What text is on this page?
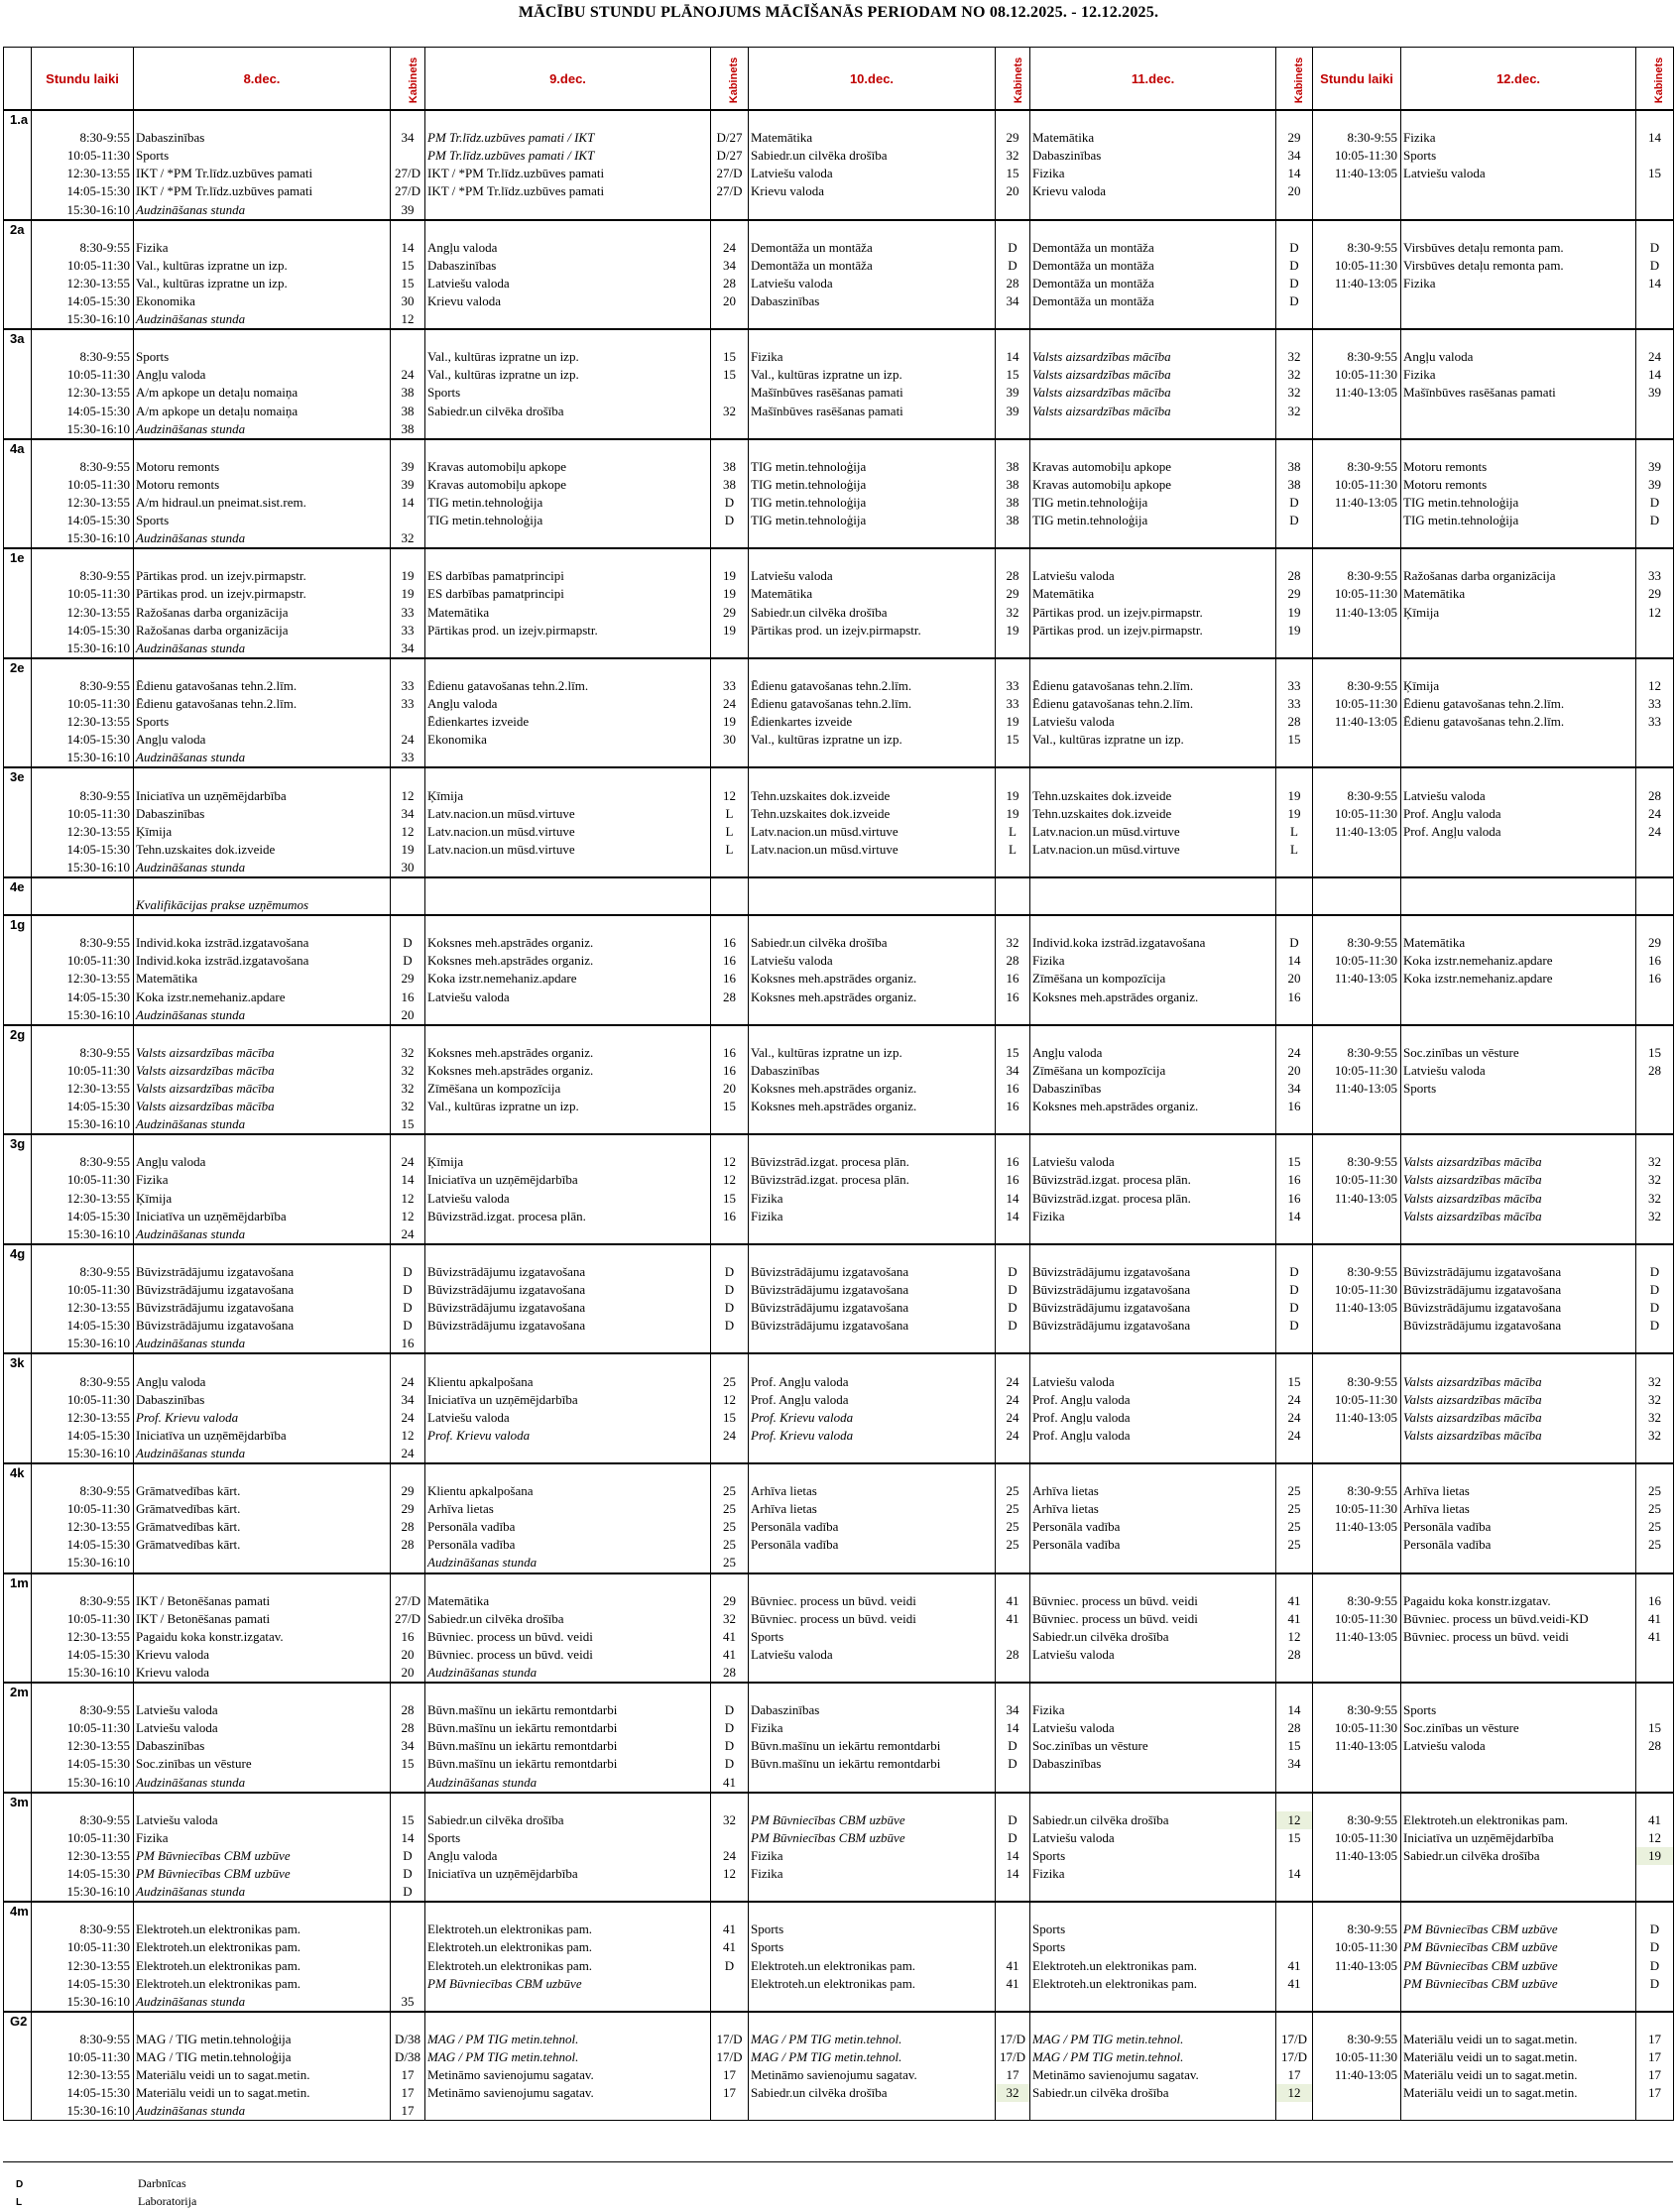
MĀCĪBU STUNDU PLĀNOJUMS MĀCĪŠANĀS PERIODAM NO 08.12.2025. - 12.12.2025.
	Stundu laiki	8.dec.	Kabinets	9.dec.	Kabinets	10.dec.	Kabinets	11.dec.	Kabinets	Stundu laiki	12.dec.	Kabinets
1.a												
	8:30-9:55	Dabaszinības	34	PM Tr.līdz.uzbūves pamati / IKT	D/27	Matemātika	29	Matemātika	29	8:30-9:55	Fizika	14
	10:05-11:30	Sports		PM Tr.līdz.uzbūves pamati / IKT	D/27	Sabiedr.un cilvēka drošība	32	Dabaszinības	34	10:05-11:30	Sports	
	12:30-13:55	IKT / *PM Tr.līdz.uzbūves pamati	27/D	IKT / *PM Tr.līdz.uzbūves pamati	27/D	Latviešu valoda	15	Fizika	14	11:40-13:05	Latviešu valoda	15
	14:05-15:30	IKT / *PM Tr.līdz.uzbūves pamati	27/D	IKT / *PM Tr.līdz.uzbūves pamati	27/D	Krievu valoda	20	Krievu valoda	20			
	15:30-16:10	Audzināšanas stunda	39									
2a												
	8:30-9:55	Fizika	14	Angļu valoda	24	Demontāža un montāža	D	Demontāža un montāža	D	8:30-9:55	Virsbūves detaļu remonta pam.	D
	10:05-11:30	Val., kultūras izpratne un izp.	15	Dabaszinības	34	Demontāža un montāža	D	Demontāža un montāža	D	10:05-11:30	Virsbūves detaļu remonta pam.	D
	12:30-13:55	Val., kultūras izpratne un izp.	15	Latviešu valoda	28	Latviešu valoda	28	Demontāža un montāža	D	11:40-13:05	Fizika	14
	14:05-15:30	Ekonomika	30	Krievu valoda	20	Dabaszinības	34	Demontāža un montāža	D			
	15:30-16:10	Audzināšanas stunda	12									
3a												
	8:30-9:55	Sports		Val., kultūras izpratne un izp.	15	Fizika	14	Valsts aizsardzības mācība	32	8:30-9:55	Angļu valoda	24
	10:05-11:30	Angļu valoda	24	Val., kultūras izpratne un izp.	15	Val., kultūras izpratne un izp.	15	Valsts aizsardzības mācība	32	10:05-11:30	Fizika	14
	12:30-13:55	A/m apkope un detaļu nomaiņa	38	Sports		Mašīnbūves rasēšanas pamati	39	Valsts aizsardzības mācība	32	11:40-13:05	Mašīnbūves rasēšanas pamati	39
	14:05-15:30	A/m apkope un detaļu nomaiņa	38	Sabiedr.un cilvēka drošība	32	Mašīnbūves rasēšanas pamati	39	Valsts aizsardzības mācība	32			
	15:30-16:10	Audzināšanas stunda	38									
4a												
	8:30-9:55	Motoru remonts	39	Kravas automobiļu apkope	38	TIG metin.tehnoloģija	38	Kravas automobiļu apkope	38	8:30-9:55	Motoru remonts	39
	10:05-11:30	Motoru remonts	39	Kravas automobiļu apkope	38	TIG metin.tehnoloģija	38	Kravas automobiļu apkope	38	10:05-11:30	Motoru remonts	39
	12:30-13:55	A/m hidraul.un pneimat.sist.rem.	14	TIG metin.tehnoloģija	D	TIG metin.tehnoloģija	38	TIG metin.tehnoloģija	D	11:40-13:05	TIG metin.tehnoloģija	D
	14:05-15:30	Sports		TIG metin.tehnoloģija	D	TIG metin.tehnoloģija	38	TIG metin.tehnoloģija	D		TIG metin.tehnoloģija	D
	15:30-16:10	Audzināšanas stunda	32									
1e												
	8:30-9:55	Pārtikas prod. un izejv.pirmapstr.	19	ES darbības pamatprincipi	19	Latviešu valoda	28	Latviešu valoda	28	8:30-9:55	Ražošanas darba organizācija	33
	10:05-11:30	Pārtikas prod. un izejv.pirmapstr.	19	ES darbības pamatprincipi	19	Matemātika	29	Matemātika	29	10:05-11:30	Matemātika	29
	12:30-13:55	Ražošanas darba organizācija	33	Matemātika	29	Sabiedr.un cilvēka drošība	32	Pārtikas prod. un izejv.pirmapstr.	19	11:40-13:05	Ķīmija	12
	14:05-15:30	Ražošanas darba organizācija	33	Pārtikas prod. un izejv.pirmapstr.	19	Pārtikas prod. un izejv.pirmapstr.	19	Pārtikas prod. un izejv.pirmapstr.	19			
	15:30-16:10	Audzināšanas stunda	34									
2e												
	8:30-9:55	Ēdienu gatavošanas tehn.2.līm.	33	Ēdienu gatavošanas tehn.2.līm.	33	Ēdienu gatavošanas tehn.2.līm.	33	Ēdienu gatavošanas tehn.2.līm.	33	8:30-9:55	Ķīmija	12
	10:05-11:30	Ēdienu gatavošanas tehn.2.līm.	33	Angļu valoda	24	Ēdienu gatavošanas tehn.2.līm.	33	Ēdienu gatavošanas tehn.2.līm.	33	10:05-11:30	Ēdienu gatavošanas tehn.2.līm.	33
	12:30-13:55	Sports		Ēdienkartes izveide	19	Ēdienkartes izveide	19	Latviešu valoda	28	11:40-13:05	Ēdienu gatavošanas tehn.2.līm.	33
	14:05-15:30	Angļu valoda	24	Ekonomika	30	Val., kultūras izpratne un izp.	15	Val., kultūras izpratne un izp.	15			
	15:30-16:10	Audzināšanas stunda	33									
3e												
	8:30-9:55	Iniciatīva un uzņēmējdarbība	12	Ķīmija	12	Tehn.uzskaites dok.izveide	19	Tehn.uzskaites dok.izveide	19	8:30-9:55	Latviešu valoda	28
	10:05-11:30	Dabaszinības	34	Latv.nacion.un mūsd.virtuve	L	Tehn.uzskaites dok.izveide	19	Tehn.uzskaites dok.izveide	19	10:05-11:30	Prof. Angļu valoda	24
	12:30-13:55	Ķīmija	12	Latv.nacion.un mūsd.virtuve	L	Latv.nacion.un mūsd.virtuve	L	Latv.nacion.un mūsd.virtuve	L	11:40-13:05	Prof. Angļu valoda	24
	14:05-15:30	Tehn.uzskaites dok.izveide	19	Latv.nacion.un mūsd.virtuve	L	Latv.nacion.un mūsd.virtuve	L	Latv.nacion.un mūsd.virtuve	L			
	15:30-16:10	Audzināšanas stunda	30									
4e												
		Kvalifikācijas prakse uzņēmumos										
1g												
	8:30-9:55	Individ.koka izstrād.izgatavošana	D	Koksnes meh.apstrādes organiz.	16	Sabiedr.un cilvēka drošība	32	Individ.koka izstrād.izgatavošana	D	8:30-9:55	Matemātika	29
	10:05-11:30	Individ.koka izstrād.izgatavošana	D	Koksnes meh.apstrādes organiz.	16	Latviešu valoda	28	Fizika	14	10:05-11:30	Koka izstr.nemehaniz.apdare	16
	12:30-13:55	Matemātika	29	Koka izstr.nemehaniz.apdare	16	Koksnes meh.apstrādes organiz.	16	Zīmēšana un kompozīcija	20	11:40-13:05	Koka izstr.nemehaniz.apdare	16
	14:05-15:30	Koka izstr.nemehaniz.apdare	16	Latviešu valoda	28	Koksnes meh.apstrādes organiz.	16	Koksnes meh.apstrādes organiz.	16			
	15:30-16:10	Audzināšanas stunda	20									
2g												
	8:30-9:55	Valsts aizsardzības mācība	32	Koksnes meh.apstrādes organiz.	16	Val., kultūras izpratne un izp.	15	Angļu valoda	24	8:30-9:55	Soc.zinības un vēsture	15
	10:05-11:30	Valsts aizsardzības mācība	32	Koksnes meh.apstrādes organiz.	16	Dabaszinības	34	Zīmēšana un kompozīcija	20	10:05-11:30	Latviešu valoda	28
	12:30-13:55	Valsts aizsardzības mācība	32	Zīmēšana un kompozīcija	20	Koksnes meh.apstrādes organiz.	16	Dabaszinības	34	11:40-13:05	Sports	
	14:05-15:30	Valsts aizsardzības mācība	32	Val., kultūras izpratne un izp.	15	Koksnes meh.apstrādes organiz.	16	Koksnes meh.apstrādes organiz.	16			
	15:30-16:10	Audzināšanas stunda	15									
3g												
	8:30-9:55	Angļu valoda	24	Ķīmija	12	Būvizstrād.izgat. procesa plān.	16	Latviešu valoda	15	8:30-9:55	Valsts aizsardzības mācība	32
	10:05-11:30	Fizika	14	Iniciatīva un uzņēmējdarbība	12	Būvizstrād.izgat. procesa plān.	16	Būvizstrād.izgat. procesa plān.	16	10:05-11:30	Valsts aizsardzības mācība	32
	12:30-13:55	Ķīmija	12	Latviešu valoda	15	Fizika	14	Būvizstrād.izgat. procesa plān.	16	11:40-13:05	Valsts aizsardzības mācība	32
	14:05-15:30	Iniciatīva un uzņēmējdarbība	12	Būvizstrād.izgat. procesa plān.	16	Fizika	14	Fizika	14		Valsts aizsardzības mācība	32
	15:30-16:10	Audzināšanas stunda	24									
4g												
	8:30-9:55	Būvizstrādājumu izgatavošana	D	Būvizstrādājumu izgatavošana	D	Būvizstrādājumu izgatavošana	D	Būvizstrādājumu izgatavošana	D	8:30-9:55	Būvizstrādājumu izgatavošana	D
	10:05-11:30	Būvizstrādājumu izgatavošana	D	Būvizstrādājumu izgatavošana	D	Būvizstrādājumu izgatavošana	D	Būvizstrādājumu izgatavošana	D	10:05-11:30	Būvizstrādājumu izgatavošana	D
	12:30-13:55	Būvizstrādājumu izgatavošana	D	Būvizstrādājumu izgatavošana	D	Būvizstrādājumu izgatavošana	D	Būvizstrādājumu izgatavošana	D	11:40-13:05	Būvizstrādājumu izgatavošana	D
	14:05-15:30	Būvizstrādājumu izgatavošana	D	Būvizstrādājumu izgatavošana	D	Būvizstrādājumu izgatavošana	D	Būvizstrādājumu izgatavošana	D		Būvizstrādājumu izgatavošana	D
	15:30-16:10	Audzināšanas stunda	16									
3k												
	8:30-9:55	Angļu valoda	24	Klientu apkalpošana	25	Prof. Angļu valoda	24	Latviešu valoda	15	8:30-9:55	Valsts aizsardzības mācība	32
	10:05-11:30	Dabaszinības	34	Iniciatīva un uzņēmējdarbība	12	Prof. Angļu valoda	24	Prof. Angļu valoda	24	10:05-11:30	Valsts aizsardzības mācība	32
	12:30-13:55	Prof. Krievu valoda	24	Latviešu valoda	15	Prof. Krievu valoda	24	Prof. Angļu valoda	24	11:40-13:05	Valsts aizsardzības mācība	32
	14:05-15:30	Iniciatīva un uzņēmējdarbība	12	Prof. Krievu valoda	24	Prof. Krievu valoda	24	Prof. Angļu valoda	24		Valsts aizsardzības mācība	32
	15:30-16:10	Audzināšanas stunda	24									
4k												
	8:30-9:55	Grāmatvedības kārt.	29	Klientu apkalpošana	25	Arhīva lietas	25	Arhīva lietas	25	8:30-9:55	Arhīva lietas	25
	10:05-11:30	Grāmatvedības kārt.	29	Arhīva lietas	25	Arhīva lietas	25	Arhīva lietas	25	10:05-11:30	Arhīva lietas	25
	12:30-13:55	Grāmatvedības kārt.	28	Personāla vadība	25	Personāla vadība	25	Personāla vadība	25	11:40-13:05	Personāla vadība	25
	14:05-15:30	Grāmatvedības kārt.	28	Personāla vadība	25	Personāla vadība	25	Personāla vadība	25		Personāla vadība	25
	15:30-16:10			Audzināšanas stunda	25							
1m												
	8:30-9:55	IKT / Betonēšanas pamati	27/D	Matemātika	29	Būvniec. process un būvd. veidi	41	Būvniec. process un būvd. veidi	41	8:30-9:55	Pagaidu koka konstr.izgatav.	16
	10:05-11:30	IKT / Betonēšanas pamati	27/D	Sabiedr.un cilvēka drošība	32	Būvniec. process un būvd. veidi	41	Būvniec. process un būvd. veidi	41	10:05-11:30	Būvniec. process un būvd.veidi-KD	41
	12:30-13:55	Pagaidu koka konstr.izgatav.	16	Būvniec. process un būvd. veidi	41	Sports		Sabiedr.un cilvēka drošība	12	11:40-13:05	Būvniec. process un būvd. veidi	41
	14:05-15:30	Krievu valoda	20	Būvniec. process un būvd. veidi	41	Latviešu valoda	28	Latviešu valoda	28			
	15:30-16:10	Krievu valoda	20	Audzināšanas stunda	28							
2m												
	8:30-9:55	Latviešu valoda	28	Būvn.mašīnu un iekārtu remontdarbi	D	Dabaszinības	34	Fizika	14	8:30-9:55	Sports	
	10:05-11:30	Latviešu valoda	28	Būvn.mašīnu un iekārtu remontdarbi	D	Fizika	14	Latviešu valoda	28	10:05-11:30	Soc.zinības un vēsture	15
	12:30-13:55	Dabaszinības	34	Būvn.mašīnu un iekārtu remontdarbi	D	Būvn.mašīnu un iekārtu remontdarbi	D	Soc.zinības un vēsture	15	11:40-13:05	Latviešu valoda	28
	14:05-15:30	Soc.zinības un vēsture	15	Būvn.mašīnu un iekārtu remontdarbi	D	Būvn.mašīnu un iekārtu remontdarbi	D	Dabaszinības	34			
	15:30-16:10	Audzināšanas stunda		Audzināšanas stunda	41							
3m												
	8:30-9:55	Latviešu valoda	15	Sabiedr.un cilvēka drošība	32	PM Būvniecības CBM uzbūve	D	Sabiedr.un cilvēka drošība	12	8:30-9:55	Elektroteh.un elektronikas pam.	41
	10:05-11:30	Fizika	14	Sports		PM Būvniecības CBM uzbūve	D	Latviešu valoda	15	10:05-11:30	Iniciatīva un uzņēmējdarbība	12
	12:30-13:55	PM Būvniecības CBM uzbūve	D	Angļu valoda	24	Fizika	14	Sports		11:40-13:05	Sabiedr.un cilvēka drošība	19
	14:05-15:30	PM Būvniecības CBM uzbūve	D	Iniciatīva un uzņēmējdarbība	12	Fizika	14	Fizika	14			
	15:30-16:10	Audzināšanas stunda	D									
4m												
	8:30-9:55	Elektroteh.un elektronikas pam.		Elektroteh.un elektronikas pam.	41	Sports		Sports		8:30-9:55	PM Būvniecības CBM uzbūve	D
	10:05-11:30	Elektroteh.un elektronikas pam.		Elektroteh.un elektronikas pam.	41	Sports		Sports		10:05-11:30	PM Būvniecības CBM uzbūve	D
	12:30-13:55	Elektroteh.un elektronikas pam.		Elektroteh.un elektronikas pam.	D	Elektroteh.un elektronikas pam.	41	Elektroteh.un elektronikas pam.	41	11:40-13:05	PM Būvniecības CBM uzbūve	D
	14:05-15:30	Elektroteh.un elektronikas pam.		PM Būvniecības CBM uzbūve		Elektroteh.un elektronikas pam.	41	Elektroteh.un elektronikas pam.	41		PM Būvniecības CBM uzbūve	D
	15:30-16:10	Audzināšanas stunda	35									
G2												
	8:30-9:55	MAG / TIG metin.tehnoloģija	D/38	MAG / PM TIG metin.tehnol.	17/D	MAG / PM TIG metin.tehnol.	17/D	MAG / PM TIG metin.tehnol.	17/D	8:30-9:55	Materiālu veidi un to sagat.metin.	17
	10:05-11:30	MAG / TIG metin.tehnoloģija	D/38	MAG / PM TIG metin.tehnol.	17/D	MAG / PM TIG metin.tehnol.	17/D	MAG / PM TIG metin.tehnol.	17/D	10:05-11:30	Materiālu veidi un to sagat.metin.	17
	12:30-13:55	Materiālu veidi un to sagat.metin.	17	Metināmo savienojumu sagatav.	17	Metināmo savienojumu sagatav.	17	Metināmo savienojumu sagatav.	17	11:40-13:05	Materiālu veidi un to sagat.metin.	17
	14:05-15:30	Materiālu veidi un to sagat.metin.	17	Metināmo savienojumu sagatav.	17	Sabiedr.un cilvēka drošība	32	Sabiedr.un cilvēka drošība	12		Materiālu veidi un to sagat.metin.	17
	15:30-16:10	Audzināšanas stunda	17									
D	Darbnīcas
L	Laboratorija
